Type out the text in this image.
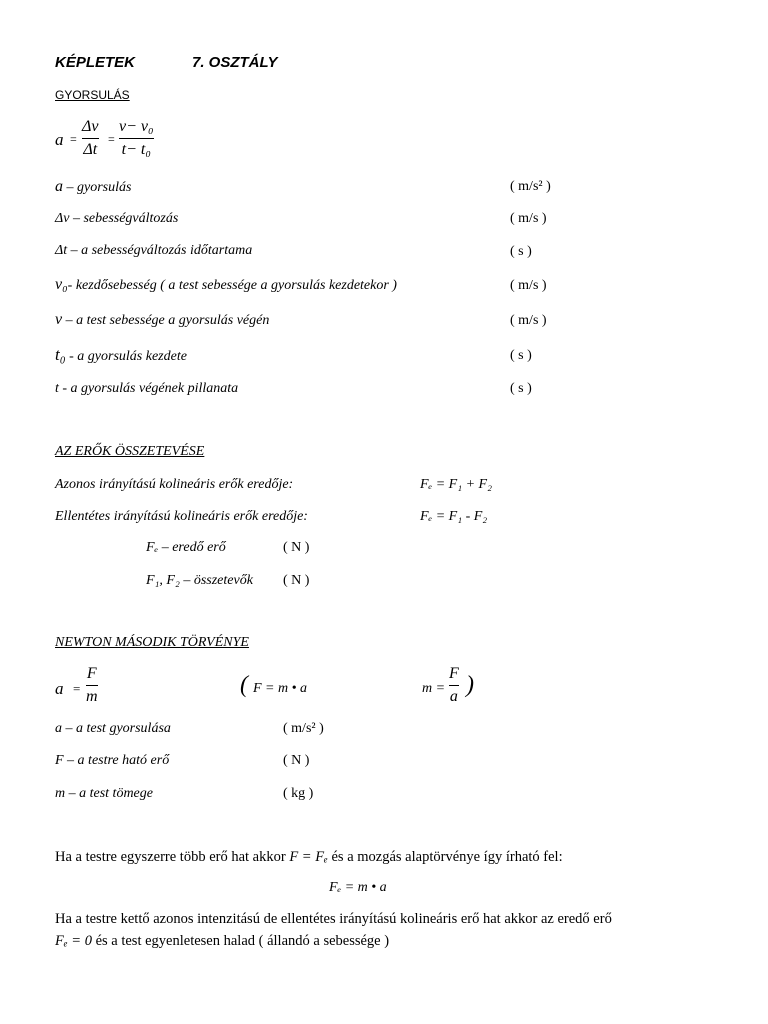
KÉPLETEK	7. OSZTÁLY
GYORSULÁS
a =
Δv
Δt
=
v− v₀
t− t₀
a – gyorsulás	( m/s² )
Δv – sebességváltozás	( m/s )
Δt – a sebességváltozás időtartama	( s )
v₀- kezdősebesség ( a test sebessége a gyorsulás kezdetekor )	( m/s )
v – a test sebessége a gyorsulás végén	( m/s )
t₀ - a gyorsulás kezdete	( s )
t - a gyorsulás végének pillanata	( s )
AZ ERŐK ÖSSZETEVÉSE
Azonos irányítású kolineáris erők eredője:	Fₑ = F₁ + F₂
Ellentétes irányítású kolineáris erők eredője:	Fₑ = F₁ - F₂
Fₑ – eredő erő	( N )
F₁, F₂ – összetevők ( N )
NEWTON MÁSODIK TÖRVÉNYE
a =
F
m	( F = m • a	m =
F
a )
a – a test gyorsulása	( m/s² )
F – a testre ható erő	( N )
m – a test tömege	( kg )
Ha a testre egyszerre több erő hat akkor F = Fₑ és a mozgás alaptörvénye így írható fel:
Fₑ = m • a
Ha a testre kettő azonos intenzitású de ellentétes irányítású kolineáris erő hat akkor az eredő erő
Fₑ = 0 és a test egyenletesen halad ( állandó a sebessége )
